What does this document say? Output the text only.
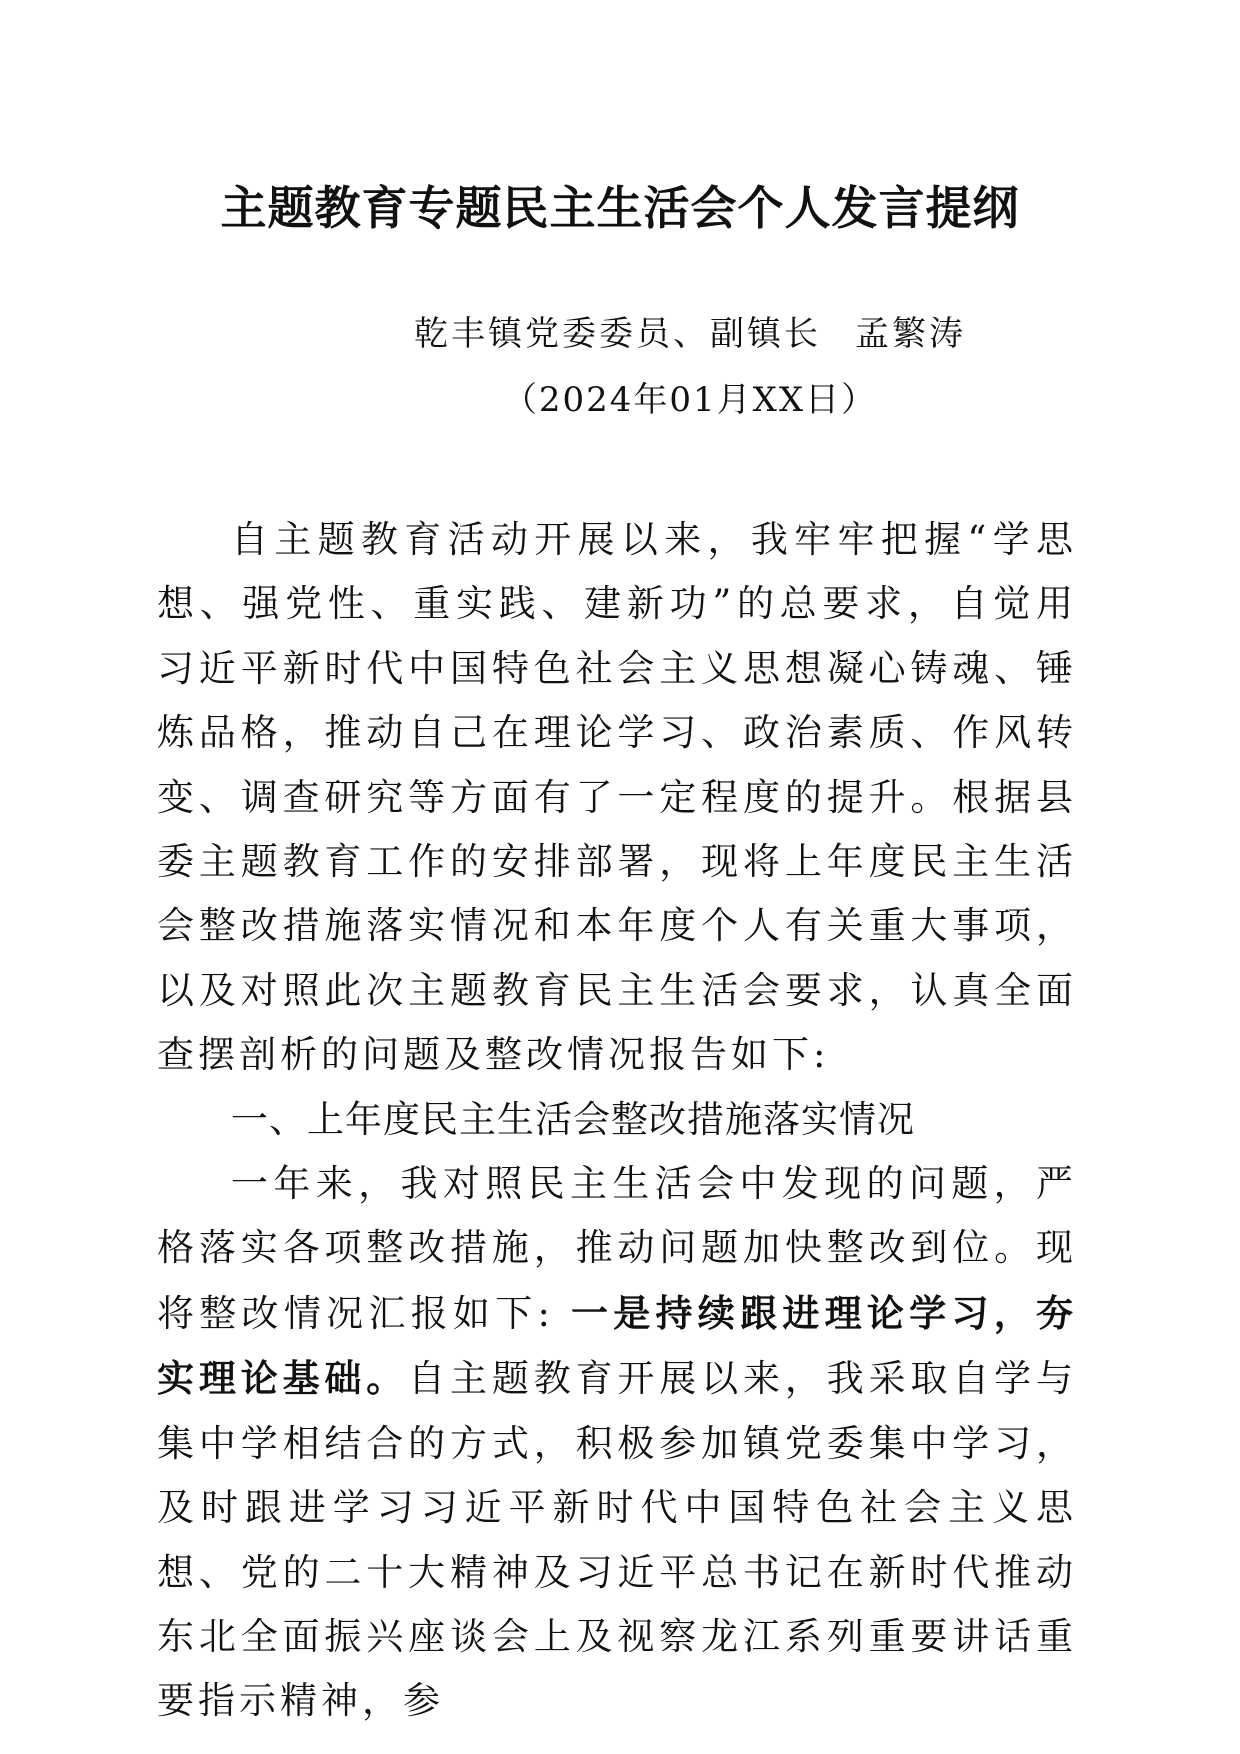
主题教育专题民主生活会个人发言提纲

乾丰镇党委委员、副镇长 孟繁涛

（2024年01月XX日）

自主题教育活动开展以来，我牢牢把握“学思想、强党性、重实践、建新功”的总要求，自觉用习近平新时代中国特色社会主义思想凝心铸魂、锤炼品格，推动自己在理论学习、政治素质、作风转变、调查研究等方面有了一定程度的提升。根据县委主题教育工作的安排部署，现将上年度民主生活会整改措施落实情况和本年度个人有关重大事项，以及对照此次主题教育民主生活会要求，认真全面查摆剖析的问题及整改情况报告如下:

一、上年度民主生活会整改措施落实情况

一年来，我对照民主生活会中发现的问题，严格落实各项整改措施，推动问题加快整改到位。现将整改情况汇报如下: 一是持续跟进理论学习，夯实理论基础。自主题教育开展以来，我采取自学与集中学相结合的方式，积极参加镇党委集中学习，及时跟进学习习近平新时代中国特色社会主义思想、党的二十大精神及习近平总书记在新时代推动东北全面振兴座谈会上及视察龙江系列重要讲话重要指示精神，参
